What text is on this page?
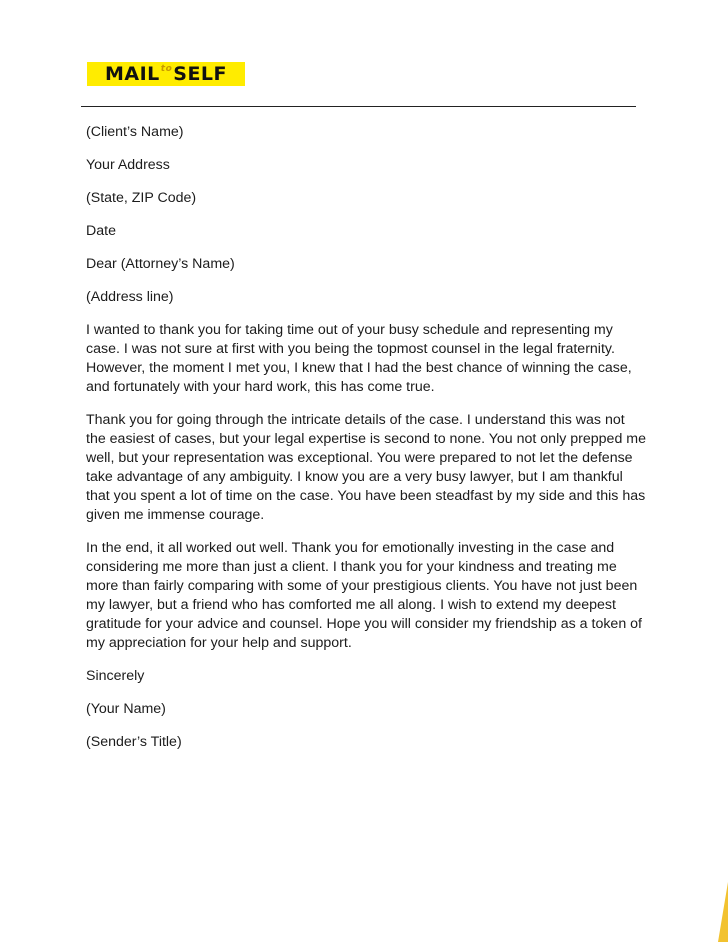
MAIL to SELF

(Client’s Name)

Your Address

(State, ZIP Code)

Date

Dear (Attorney’s Name)

(Address line)

I wanted to thank you for taking time out of your busy schedule and representing my case. I was not sure at first with you being the topmost counsel in the legal fraternity. However, the moment I met you, I knew that I had the best chance of winning the case, and fortunately with your hard work, this has come true.

Thank you for going through the intricate details of the case. I understand this was not the easiest of cases, but your legal expertise is second to none. You not only prepped me well, but your representation was exceptional. You were prepared to not let the defense take advantage of any ambiguity. I know you are a very busy lawyer, but I am thankful that you spent a lot of time on the case. You have been steadfast by my side and this has given me immense courage.

In the end, it all worked out well. Thank you for emotionally investing in the case and considering me more than just a client. I thank you for your kindness and treating me more than fairly comparing with some of your prestigious clients. You have not just been my lawyer, but a friend who has comforted me all along. I wish to extend my deepest gratitude for your advice and counsel. Hope you will consider my friendship as a token of my appreciation for your help and support.

Sincerely

(Your Name)

(Sender’s Title)
